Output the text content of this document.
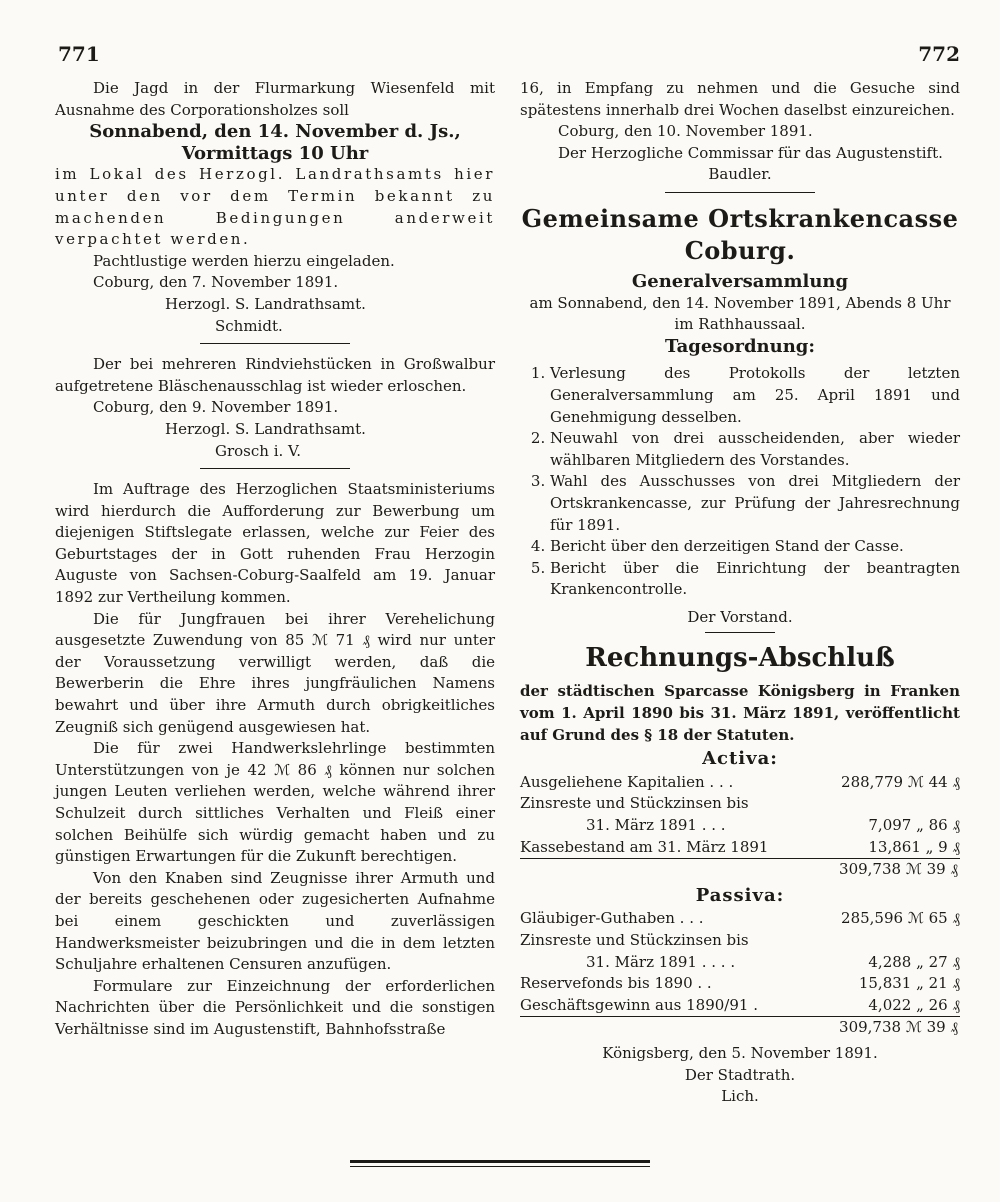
771	772

Die Jagd in der Flurmarkung Wiesenfeld mit Ausnahme des Corporationsholzes soll

Sonnabend, den 14. November d. Js.,

Vormittags 10 Uhr

im Lokal des Herzogl. Landrathsamts hier unter den vor dem Termin bekannt zu machenden Bedingungen anderweit verpachtet werden.

Pachtlustige werden hierzu eingeladen.

Coburg, den 7. November 1891.

Herzogl. S. Landrathsamt.

Schmidt.

Der bei mehreren Rindviehstücken in Großwalbur aufgetretene Bläschenausschlag ist wieder erloschen.

Coburg, den 9. November 1891.

Herzogl. S. Landrathsamt.

Grosch i. V.

Im Auftrage des Herzoglichen Staatsministeriums wird hierdurch die Aufforderung zur Bewerbung um diejenigen Stiftslegate erlassen, welche zur Feier des Geburtstages der in Gott ruhenden Frau Herzogin Auguste von Sachsen-Coburg-Saalfeld am 19. Januar 1892 zur Vertheilung kommen.

Die für Jungfrauen bei ihrer Verehelichung ausgesetzte Zuwendung von 85 ℳ 71 ₰ wird nur unter der Voraussetzung verwilligt werden, daß die Bewerberin die Ehre ihres jungfräulichen Namens bewahrt und über ihre Armuth durch obrigkeitliches Zeugniß sich genügend ausgewiesen hat.

Die für zwei Handwerkslehrlinge bestimmten Unterstützungen von je 42 ℳ 86 ₰ können nur solchen jungen Leuten verliehen werden, welche während ihrer Schulzeit durch sittliches Verhalten und Fleiß einer solchen Beihülfe sich würdig gemacht haben und zu günstigen Erwartungen für die Zukunft berechtigen.

Von den Knaben sind Zeugnisse ihrer Armuth und der bereits geschehenen oder zugesicherten Aufnahme bei einem geschickten und zuverlässigen Handwerksmeister beizubringen und die in dem letzten Schuljahre erhaltenen Censuren anzufügen.

Formulare zur Einzeichnung der erforderlichen Nachrichten über die Persönlichkeit und die sonstigen Verhältnisse sind im Augustenstift, Bahnhofsstraße

16, in Empfang zu nehmen und die Gesuche sind spätestens innerhalb drei Wochen daselbst einzureichen.

Coburg, den 10. November 1891.

Der Herzogliche Commissar für das Augustenstift.

Baudler.

Gemeinsame Ortskrankencasse Coburg.

Generalversammlung

am Sonnabend, den 14. November 1891, Abends 8 Uhr im Rathhaussaal.

Tagesordnung:

1. Verlesung des Protokolls der letzten Generalversammlung am 25. April 1891 und Genehmigung desselben.
2. Neuwahl von drei ausscheidenden, aber wieder wählbaren Mitgliedern des Vorstandes.
3. Wahl des Ausschusses von drei Mitgliedern der Ortskrankencasse, zur Prüfung der Jahresrechnung für 1891.
4. Bericht über den derzeitigen Stand der Casse.
5. Bericht über die Einrichtung der beantragten Krankencontrolle.

Der Vorstand.

Rechnungs-Abschluß

der städtischen Sparcasse Königsberg in Franken vom 1. April 1890 bis 31. März 1891, veröffentlicht auf Grund des § 18 der Statuten.

Activa:

Ausgeliehene Kapitalien . . .	288,779 ℳ 44 ₰
Zinsreste und Stückzinsen bis
31. März 1891 . . .	7,097 „ 86 ₰
Kassebestand am 31. März 1891	13,861 „ 9 ₰
309,738 ℳ 39 ₰

Passiva:

Gläubiger-Guthaben . . .	285,596 ℳ 65 ₰
Zinsreste und Stückzinsen bis
31. März 1891 . . . .	4,288 „ 27 ₰
Reservefonds bis 1890 . .	15,831 „ 21 ₰
Geschäftsgewinn aus 1890/91 .	4,022 „ 26 ₰
309,738 ℳ 39 ₰

Königsberg, den 5. November 1891.

Der Stadtrath.

Lich.
